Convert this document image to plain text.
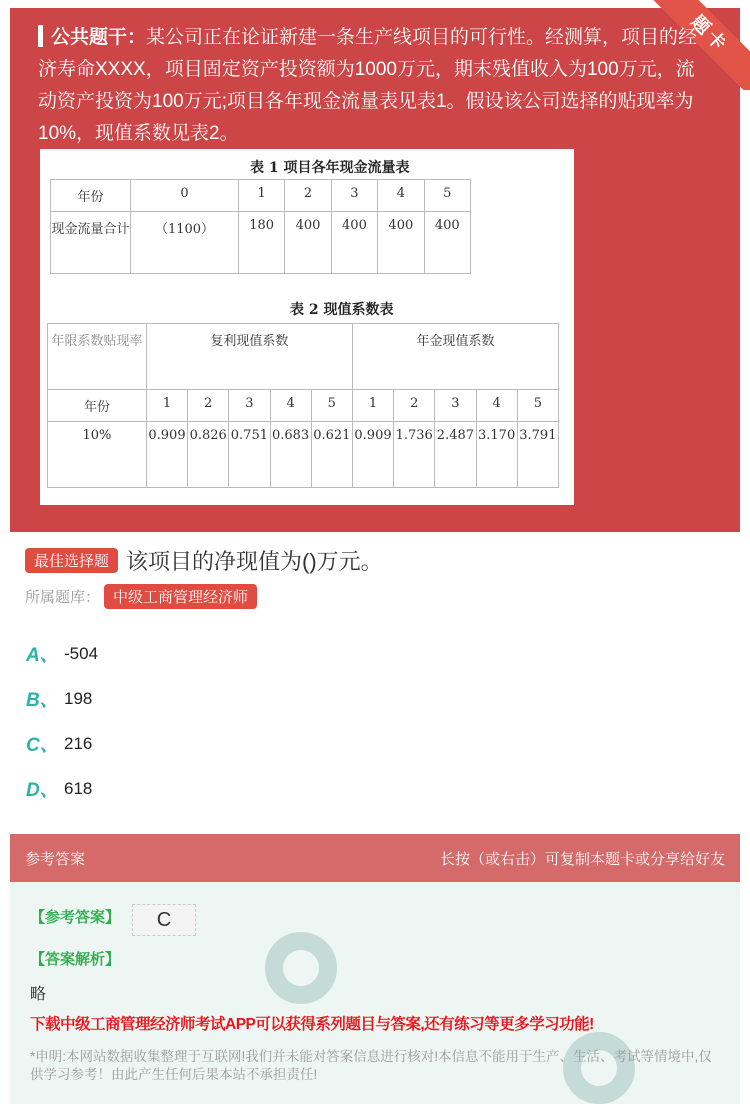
题卡
公共题干：某公司正在论证新建一条生产线项目的可行性。经测算，项目的经济寿命XXXX，项目固定资产投资额为1000万元，期末残值收入为100万元，流动资产投资为100万元;项目各年现金流量表见表1。假设该公司选择的贴现率为10%，现值系数见表2。
表 1 项目各年现金流量表
年份	0	1	2	3	4	5
现金流量合计	（1100）	180	400	400	400	400
表 2 现值系数表
年限系数贴现率	复利现值系数					年金现值系数				
年份	1	2	3	4	5	1	2	3	4	5
10%	0.909	0.826	0.751	0.683	0.621	0.909	1.736	2.487	3.170	3.791
最佳选择题 该项目的净现值为()万元。
所属题库： 中级工商管理经济师
A、 -504
B、 198
C、 216
D、 618
参考答案	长按（或右击）可复制本题卡或分享给好友
【参考答案】	C
【答案解析】
略
下载中级工商管理经济师考试APP可以获得系列题目与答案,还有练习等更多学习功能!
*申明:本网站数据收集整理于互联网!我们并未能对答案信息进行核对!本信息不能用于生产、生活、考试等情境中,仅供学习参考！由此产生任何后果本站不承担责任!
